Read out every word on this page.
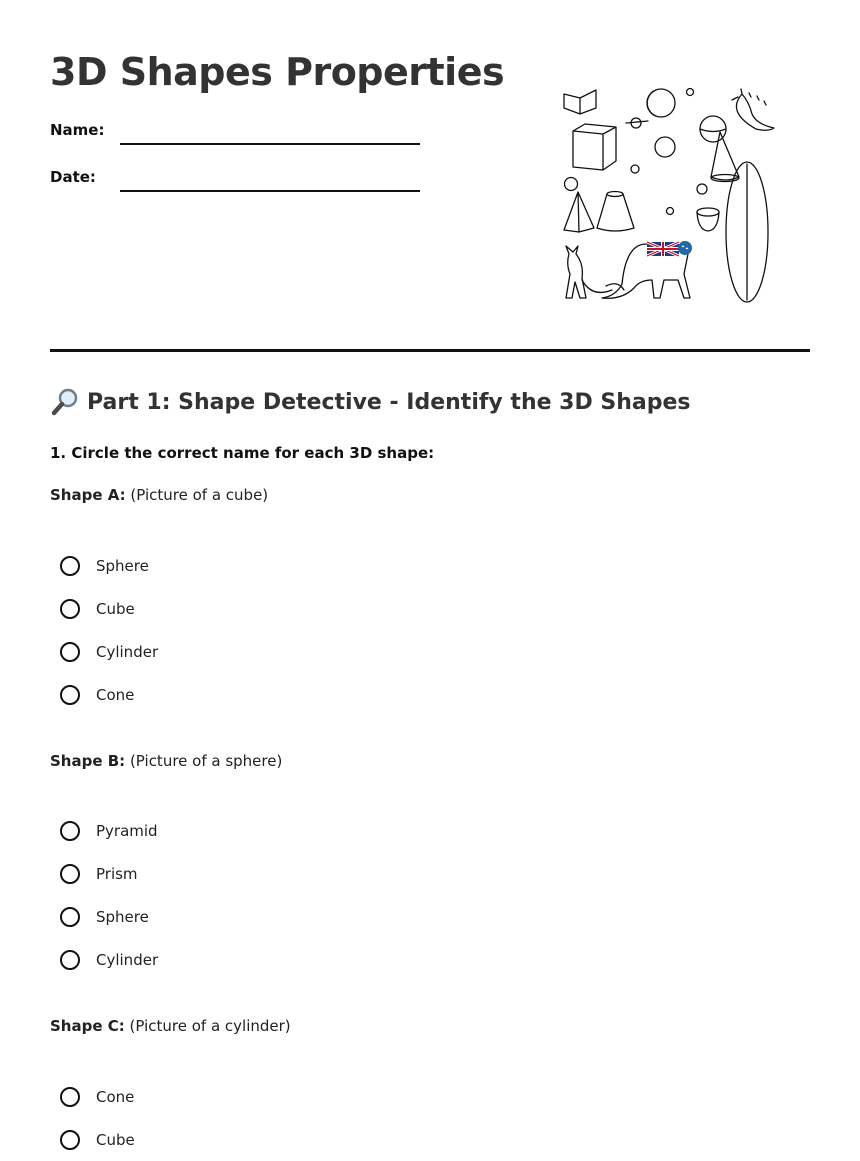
3D Shapes Properties
Name:
Date:
Part 1: Shape Detective - Identify the 3D Shapes
1. Circle the correct name for each 3D shape:
Shape A: (Picture of a cube)
Sphere
Cube
Cylinder
Cone
Shape B: (Picture of a sphere)
Pyramid
Prism
Sphere
Cylinder
Shape C: (Picture of a cylinder)
Cone
Cube
